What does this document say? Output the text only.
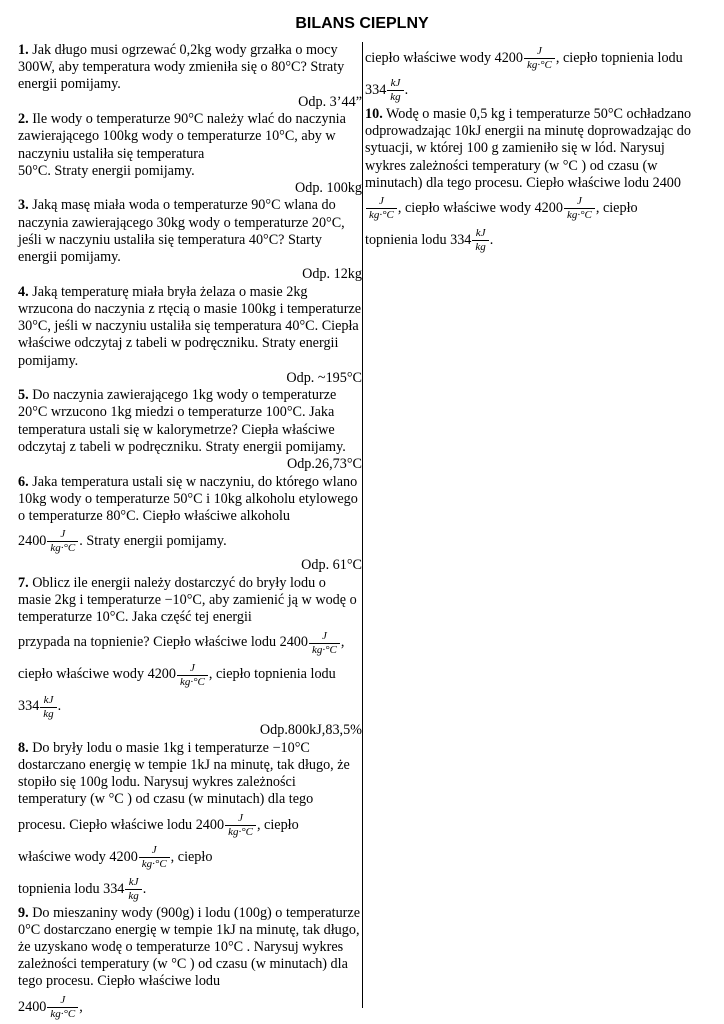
BILANS CIEPLNY
1. Jak długo musi ogrzewać 0,2kg wody grzałka o mocy 300W, aby temperatura wody zmieniła się o 80°C? Straty energii pomijamy.
Odp. 3’44”
2. Ile wody o temperaturze 90°C należy wlać do naczynia zawierającego 100kg wody o temperaturze 10°C, aby w naczyniu ustaliła się temperatura
50°C. Straty energii pomijamy.
Odp. 100kg
3. Jaką masę miała woda o temperaturze 90°C wlana do naczynia zawierającego 30kg wody o temperaturze 20°C, jeśli w naczyniu ustaliła się temperatura 40°C? Starty energii pomijamy.
Odp. 12kg
4. Jaką temperaturę miała bryła żelaza o masie 2kg wrzucona do naczynia z rtęcią o masie 100kg i temperaturze 30°C, jeśli w naczyniu ustaliła się temperatura 40°C. Ciepła właściwe odczytaj z tabeli w podręczniku. Straty energii pomijamy.
Odp. ~195°C
5. Do naczynia zawierającego 1kg wody o temperaturze 20°C wrzucono 1kg miedzi o temperaturze 100°C. Jaka temperatura ustali się w kalorymetrze? Ciepła właściwe odczytaj z tabeli w podręczniku. Straty energii pomijamy.
Odp.26,73°C
6. Jaka temperatura ustali się w naczyniu, do którego wlano 10kg wody o temperaturze 50°C i 10kg alkoholu etylowego o temperaturze 80°C. Ciepło właściwe alkoholu
$2400 \frac{J}{kg\cdot^\circ C}$ . Straty energii pomijamy.
Odp. 61°C
7. Oblicz ile energii należy dostarczyć do bryły lodu o masie 2kg i temperaturze −10°C, aby zamienić ją w wodę o temperaturze 10°C. Jaka część tej energii
przypada na topnienie? Ciepło właściwe lodu $2400 \frac{J}{kg\cdot^\circ C}$ ,
ciepło właściwe wody $4200 \frac{J}{kg\cdot^\circ C}$ , ciepło topnienia lodu
$334 \frac{kJ}{kg}$ .
Odp.800kJ,83,5%
8. Do bryły lodu o masie 1kg i temperaturze −10°C dostarczano energię w tempie 1kJ na minutę, tak długo, że stopiło się 100g lodu. Narysuj wykres zależności temperatury (w °C ) od czasu (w minutach) dla tego
procesu. Ciepło właściwe lodu $2400 \frac{J}{kg\cdot^\circ C}$ , ciepło
właściwe wody $4200 \frac{J}{kg\cdot^\circ C}$ , ciepło
topnienia lodu $334 \frac{kJ}{kg}$ .
9. Do mieszaniny wody (900g) i lodu (100g) o temperaturze 0°C dostarczano energię w tempie 1kJ na minutę, tak długo, że uzyskano wodę o temperaturze 10°C . Narysuj wykres zależności temperatury (w °C ) od czasu (w minutach) dla tego procesu. Ciepło właściwe lodu
$2400 \frac{J}{kg\cdot^\circ C}$ ,
ciepło właściwe wody $4200 \frac{J}{kg\cdot^\circ C}$ , ciepło topnienia lodu
$334 \frac{kJ}{kg}$ .
10. Wodę o masie 0,5 kg i temperaturze 50°C ochładzano odprowadzając 10kJ energii na minutę doprowadzając do sytuacji, w której 100 g zamieniło się w lód. Narysuj wykres zależności temperatury (w °C ) od czasu (w minutach) dla tego procesu. Ciepło właściwe lodu 2400
$\frac{J}{kg\cdot^\circ C}$ , ciepło właściwe wody $4200 \frac{J}{kg\cdot^\circ C}$ , ciepło
topnienia lodu $334 \frac{kJ}{kg}$ .
